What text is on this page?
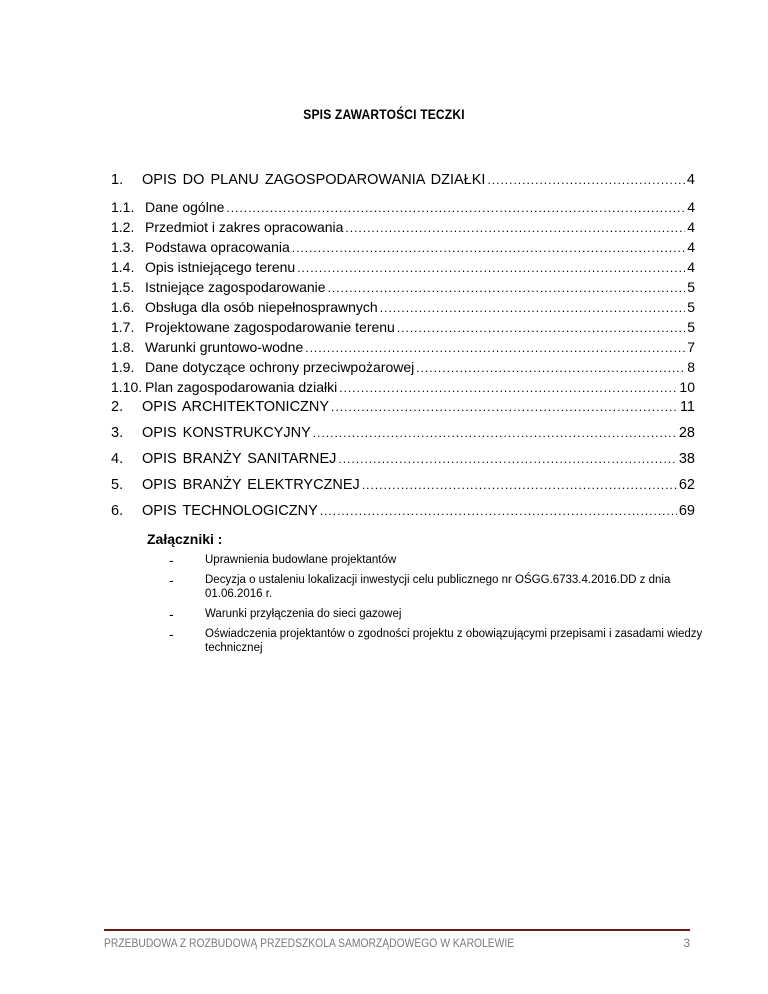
SPIS ZAWARTOŚCI TECZKI
1.	OPIS DO PLANU ZAGOSPODAROWANIA DZIAŁKI .....	4
1.1. Dane ogólne .....	4
1.2. Przedmiot i zakres opracowania .....	4
1.3. Podstawa opracowania .....	4
1.4. Opis istniejącego terenu .....	4
1.5. Istniejące zagospodarowanie .....	5
1.6. Obsługa dla osób niepełnosprawnych .....	5
1.7. Projektowane zagospodarowanie terenu .....	5
1.8. Warunki gruntowo-wodne .....	7
1.9. Dane dotyczące ochrony przeciwpożarowej .....	8
1.10. Plan zagospodarowania działki .....	10
2.	OPIS ARCHITEKTONICZNY .....	11
3.	OPIS KONSTRUKCYJNY .....	28
4.	OPIS BRANŻY SANITARNEJ .....	38
5.	OPIS BRANŻY ELEKTRYCZNEJ .....	62
6.	OPIS TECHNOLOGICZNY .....	69
Załączniki :
-	Uprawnienia budowlane projektantów
-	Decyzja o ustaleniu lokalizacji inwestycji celu publicznego nr OŚGG.6733.4.2016.DD z dnia 01.06.2016 r.
-	Warunki przyłączenia do sieci gazowej
-	Oświadczenia projektantów o zgodności projektu z obowiązującymi przepisami i zasadami wiedzy technicznej
PRZEBUDOWA Z ROZBUDOWĄ PRZEDSZKOLA SAMORZĄDOWEGO W KAROLEWIE	3
